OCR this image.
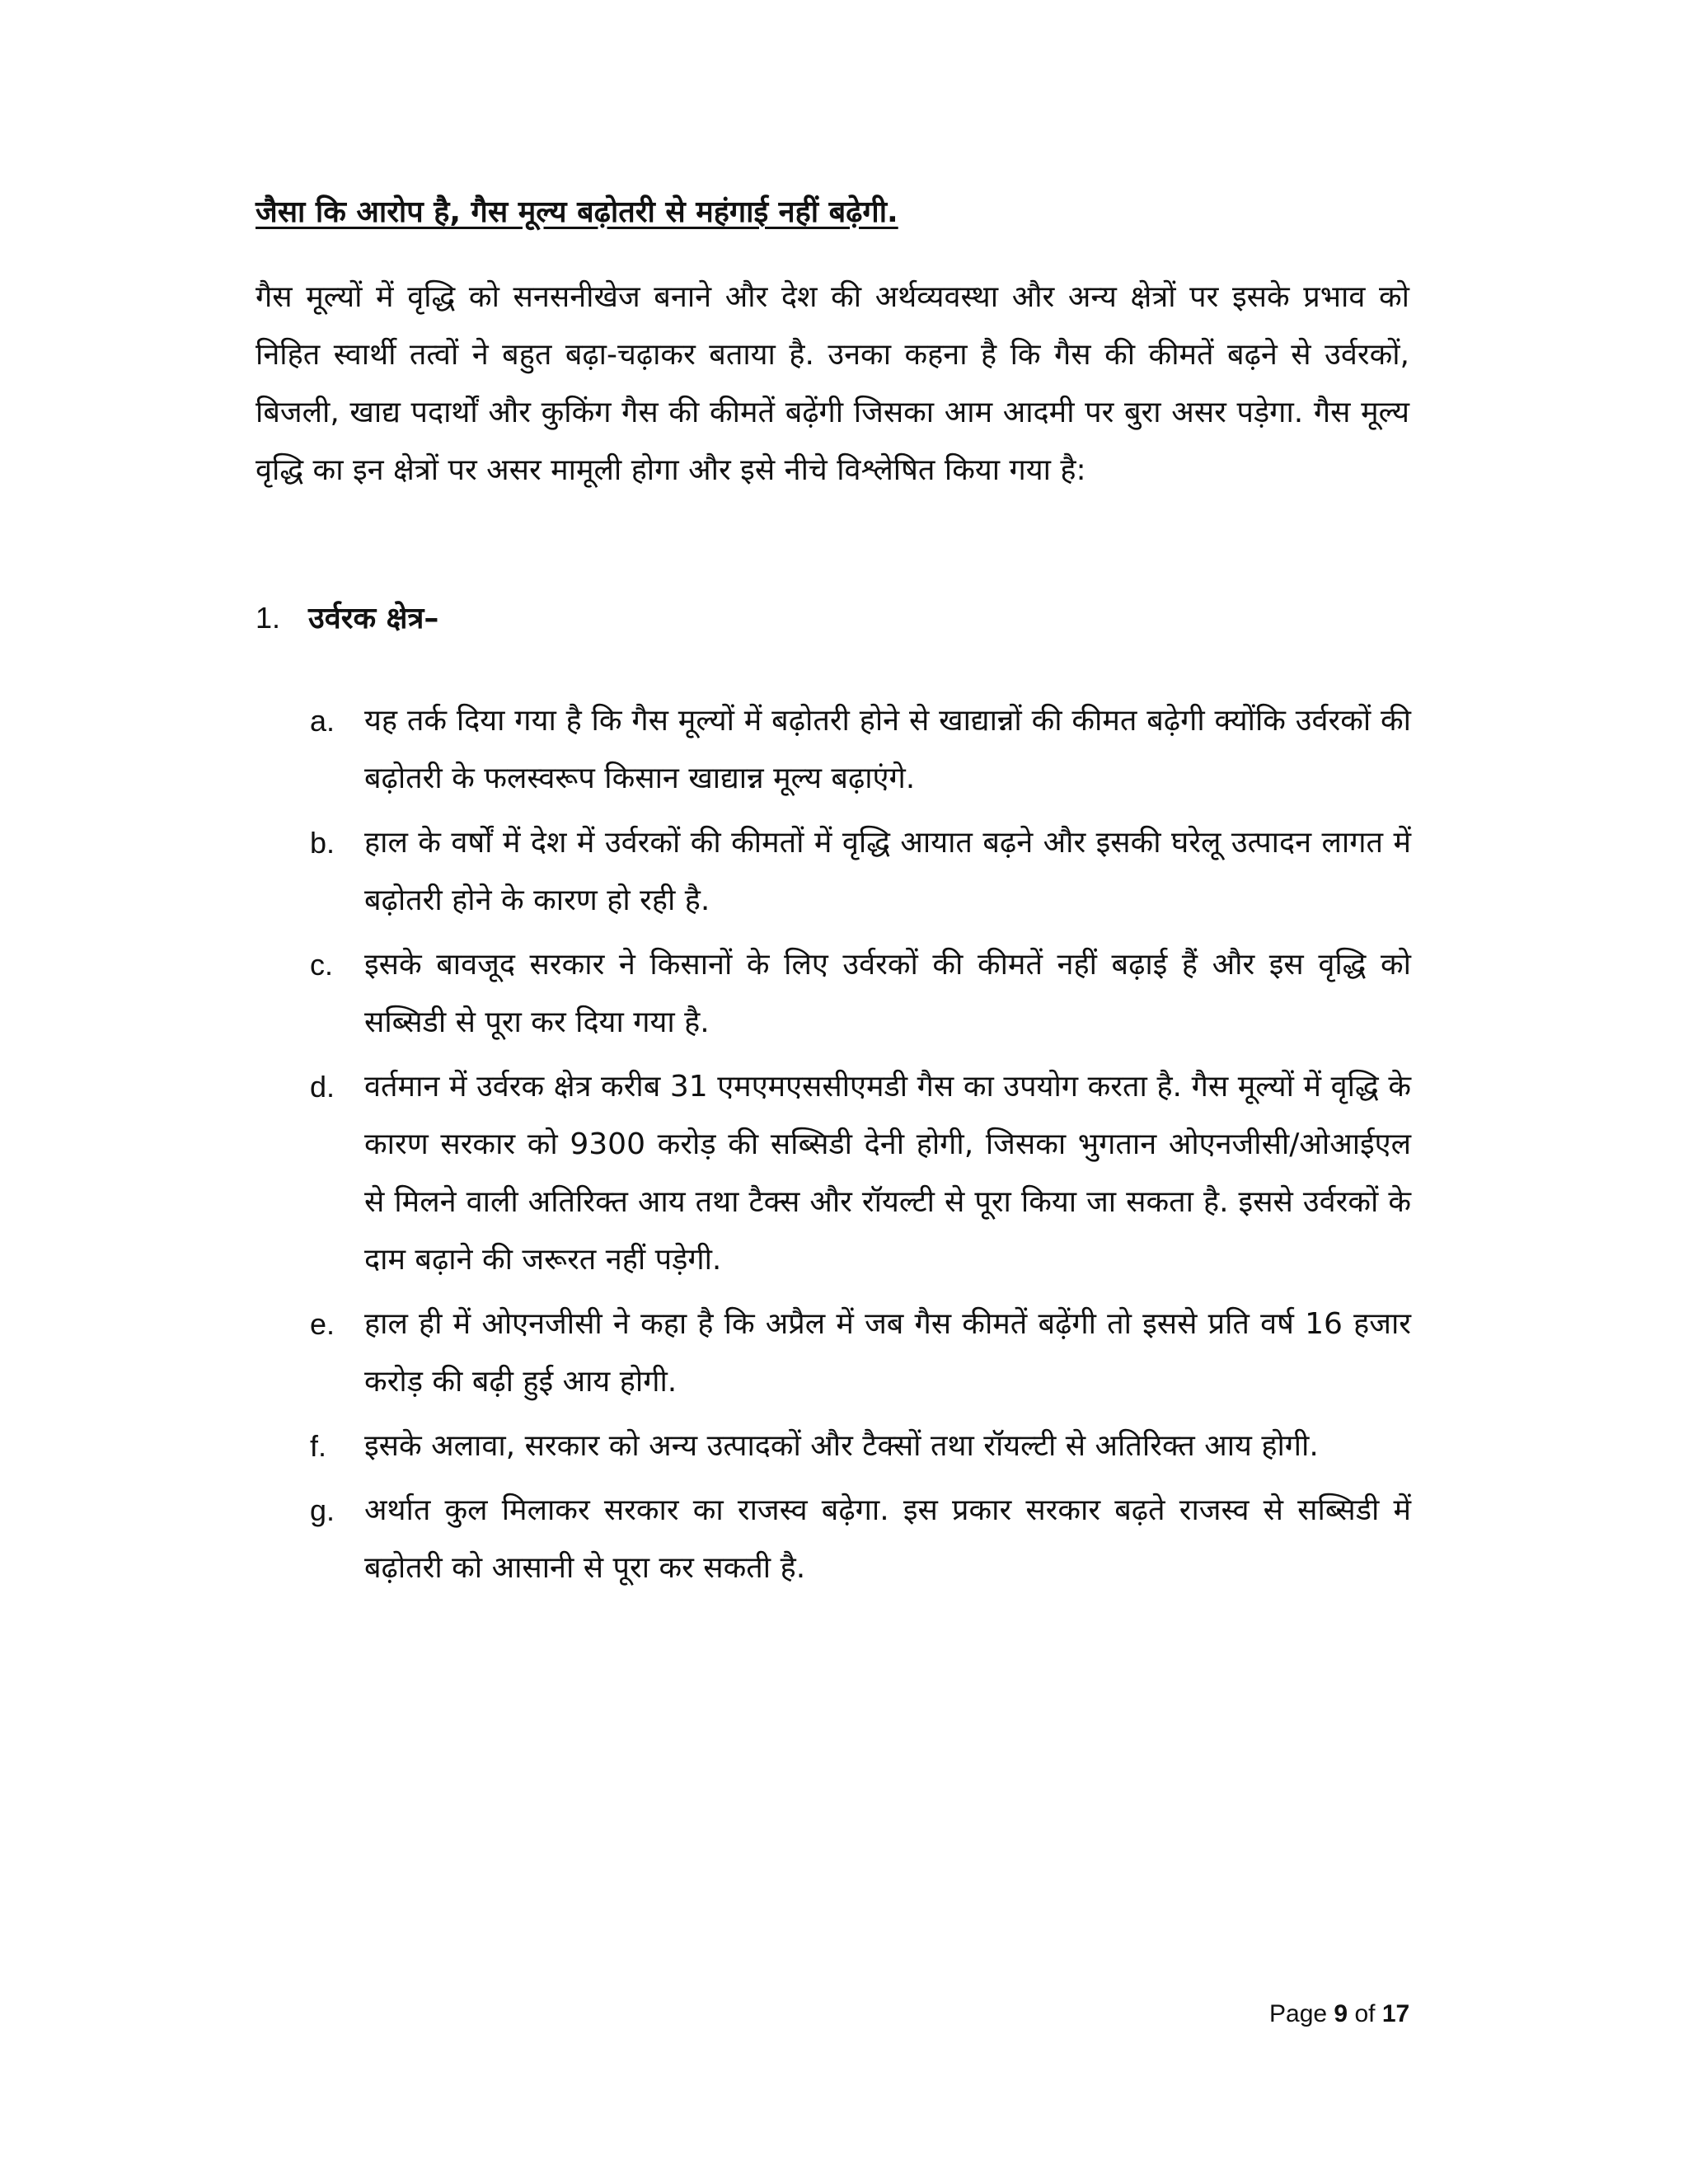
जैसा कि आरोप है, गैस मूल्य बढ़ोतरी से महंगाई नहीं बढ़ेगी.

गैस मूल्यों में वृद्धि को सनसनीखेज बनाने और देश की अर्थव्यवस्था और अन्य क्षेत्रों पर इसके प्रभाव को निहित स्वार्थी तत्वों ने बहुत बढ़ा-चढ़ाकर बताया है. उनका कहना है कि गैस की कीमतें बढ़ने से उर्वरकों, बिजली, खाद्य पदार्थों और कुकिंग गैस की कीमतें बढ़ेंगी जिसका आम आदमी पर बुरा असर पड़ेगा. गैस मूल्य वृद्धि का इन क्षेत्रों पर असर मामूली होगा और इसे नीचे विश्लेषित किया गया है:

1. उर्वरक क्षेत्र–
a. यह तर्क दिया गया है कि गैस मूल्यों में बढ़ोतरी होने से खाद्यान्नों की कीमत बढ़ेगी क्योंकि उर्वरकों की बढ़ोतरी के फलस्वरूप किसान खाद्यान्न मूल्य बढ़ाएंगे.
b. हाल के वर्षों में देश में उर्वरकों की कीमतों में वृद्धि आयात बढ़ने और इसकी घरेलू उत्पादन लागत में बढ़ोतरी होने के कारण हो रही है.
c. इसके बावजूद सरकार ने किसानों के लिए उर्वरकों की कीमतें नहीं बढ़ाई हैं और इस वृद्धि को सब्सिडी से पूरा कर दिया गया है.
d. वर्तमान में उर्वरक क्षेत्र करीब 31 एमएमएससीएमडी गैस का उपयोग करता है. गैस मूल्यों में वृद्धि के कारण सरकार को 9300 करोड़ की सब्सिडी देनी होगी, जिसका भुगतान ओएनजीसी/ओआईएल से मिलने वाली अतिरिक्त आय तथा टैक्स और रॉयल्टी से पूरा किया जा सकता है. इससे उर्वरकों के दाम बढ़ाने की जरूरत नहीं पड़ेगी.
e. हाल ही में ओएनजीसी ने कहा है कि अप्रैल में जब गैस कीमतें बढ़ेंगी तो इससे प्रति वर्ष 16 हजार करोड़ की बढ़ी हुई आय होगी.
f. इसके अलावा, सरकार को अन्य उत्पादकों और टैक्सों तथा रॉयल्टी से अतिरिक्त आय होगी.
g. अर्थात कुल मिलाकर सरकार का राजस्व बढ़ेगा. इस प्रकार सरकार बढ़ते राजस्व से सब्सिडी में बढ़ोतरी को आसानी से पूरा कर सकती है.
Page 9 of 17
